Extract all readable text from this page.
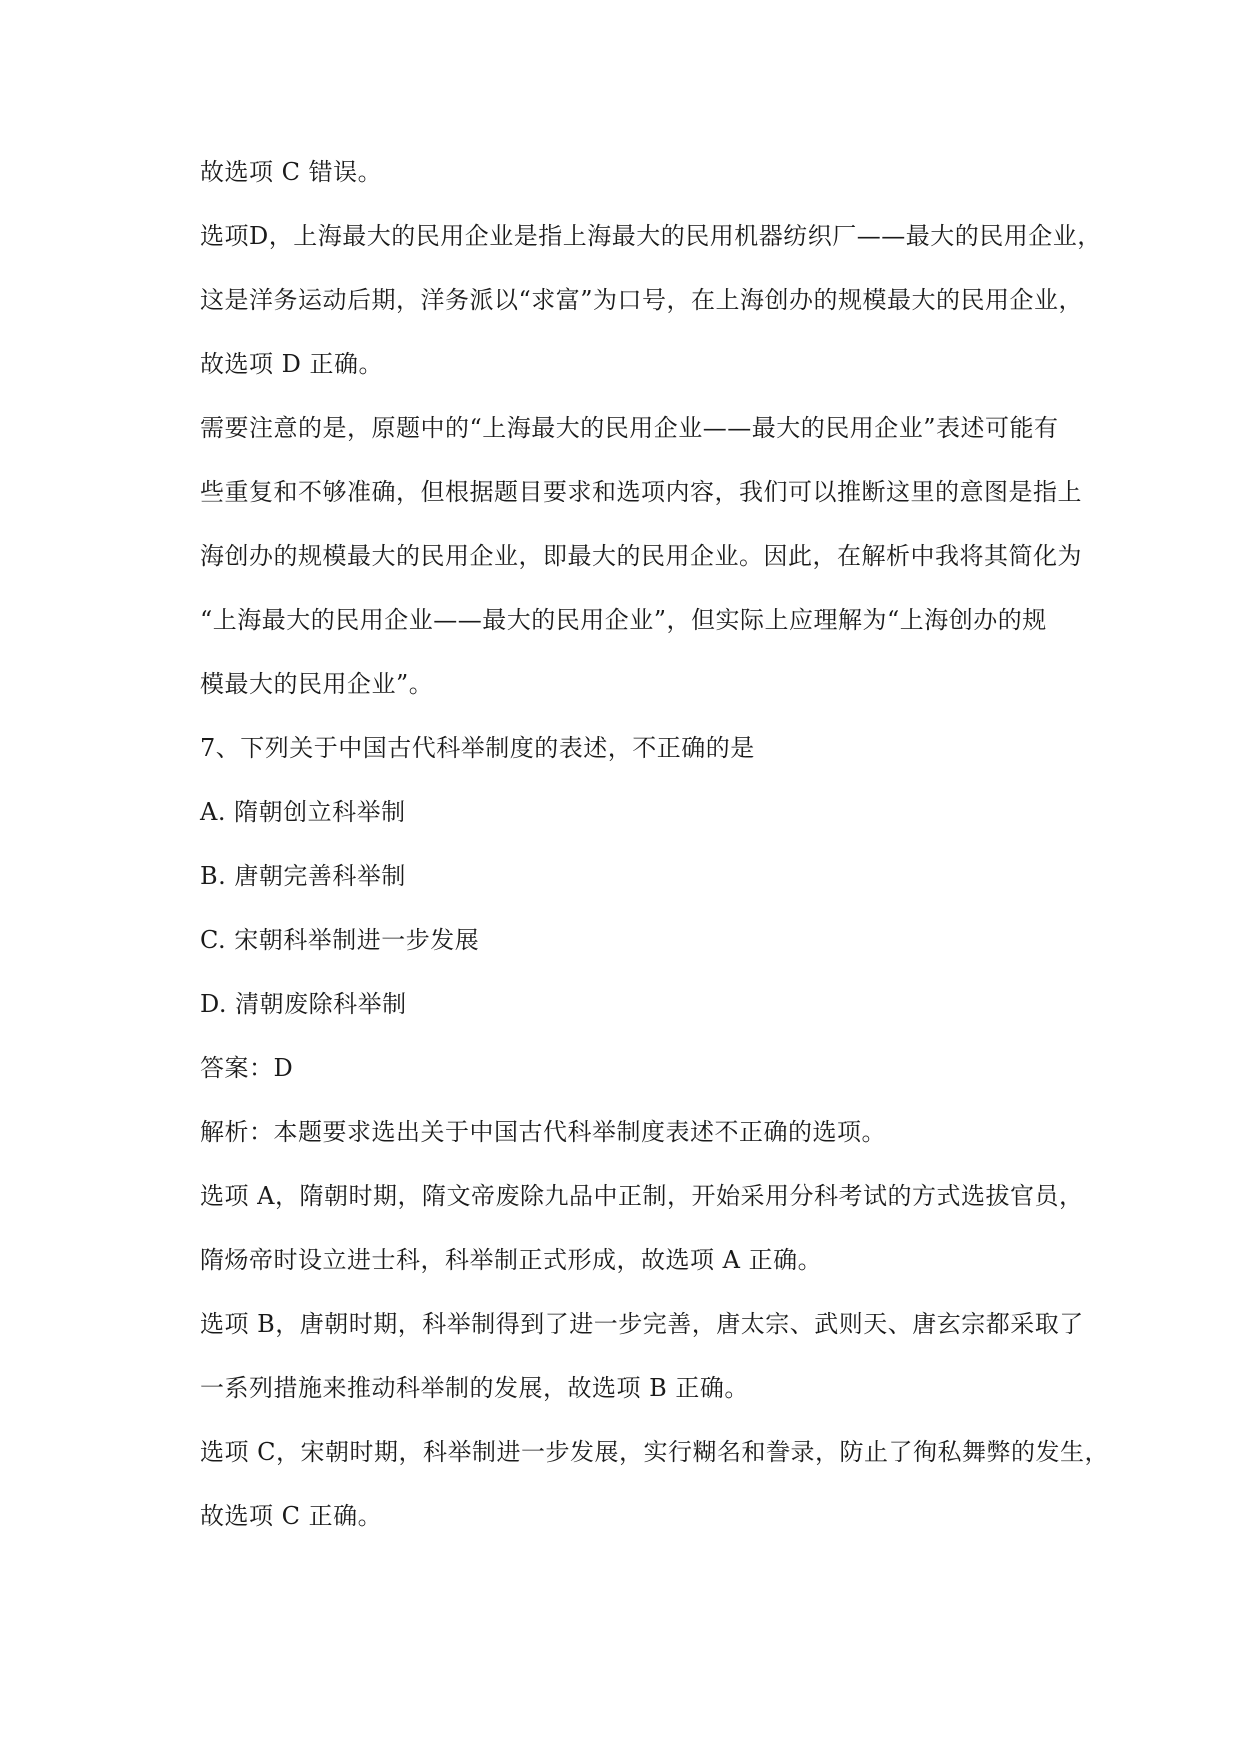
故选项 C 错误。
选项D，上海最大的民用企业是指上海最大的民用机器纺织厂——最大的民用企业，
这是洋务运动后期，洋务派以“求富”为口号，在上海创办的规模最大的民用企业，
故选项 D 正确。
需要注意的是，原题中的“上海最大的民用企业——最大的民用企业”表述可能有
些重复和不够准确，但根据题目要求和选项内容，我们可以推断这里的意图是指上
海创办的规模最大的民用企业，即最大的民用企业。因此，在解析中我将其简化为
“上海最大的民用企业——最大的民用企业”，但实际上应理解为“上海创办的规
模最大的民用企业”。
7、下列关于中国古代科举制度的表述，不正确的是
A. 隋朝创立科举制
B. 唐朝完善科举制
C. 宋朝科举制进一步发展
D. 清朝废除科举制
答案：D
解析：本题要求选出关于中国古代科举制度表述不正确的选项。
选项 A，隋朝时期，隋文帝废除九品中正制，开始采用分科考试的方式选拔官员，
隋炀帝时设立进士科，科举制正式形成，故选项 A 正确。
选项 B，唐朝时期，科举制得到了进一步完善，唐太宗、武则天、唐玄宗都采取了
一系列措施来推动科举制的发展，故选项 B 正确。
选项 C，宋朝时期，科举制进一步发展，实行糊名和誊录，防止了徇私舞弊的发生，
故选项 C 正确。
